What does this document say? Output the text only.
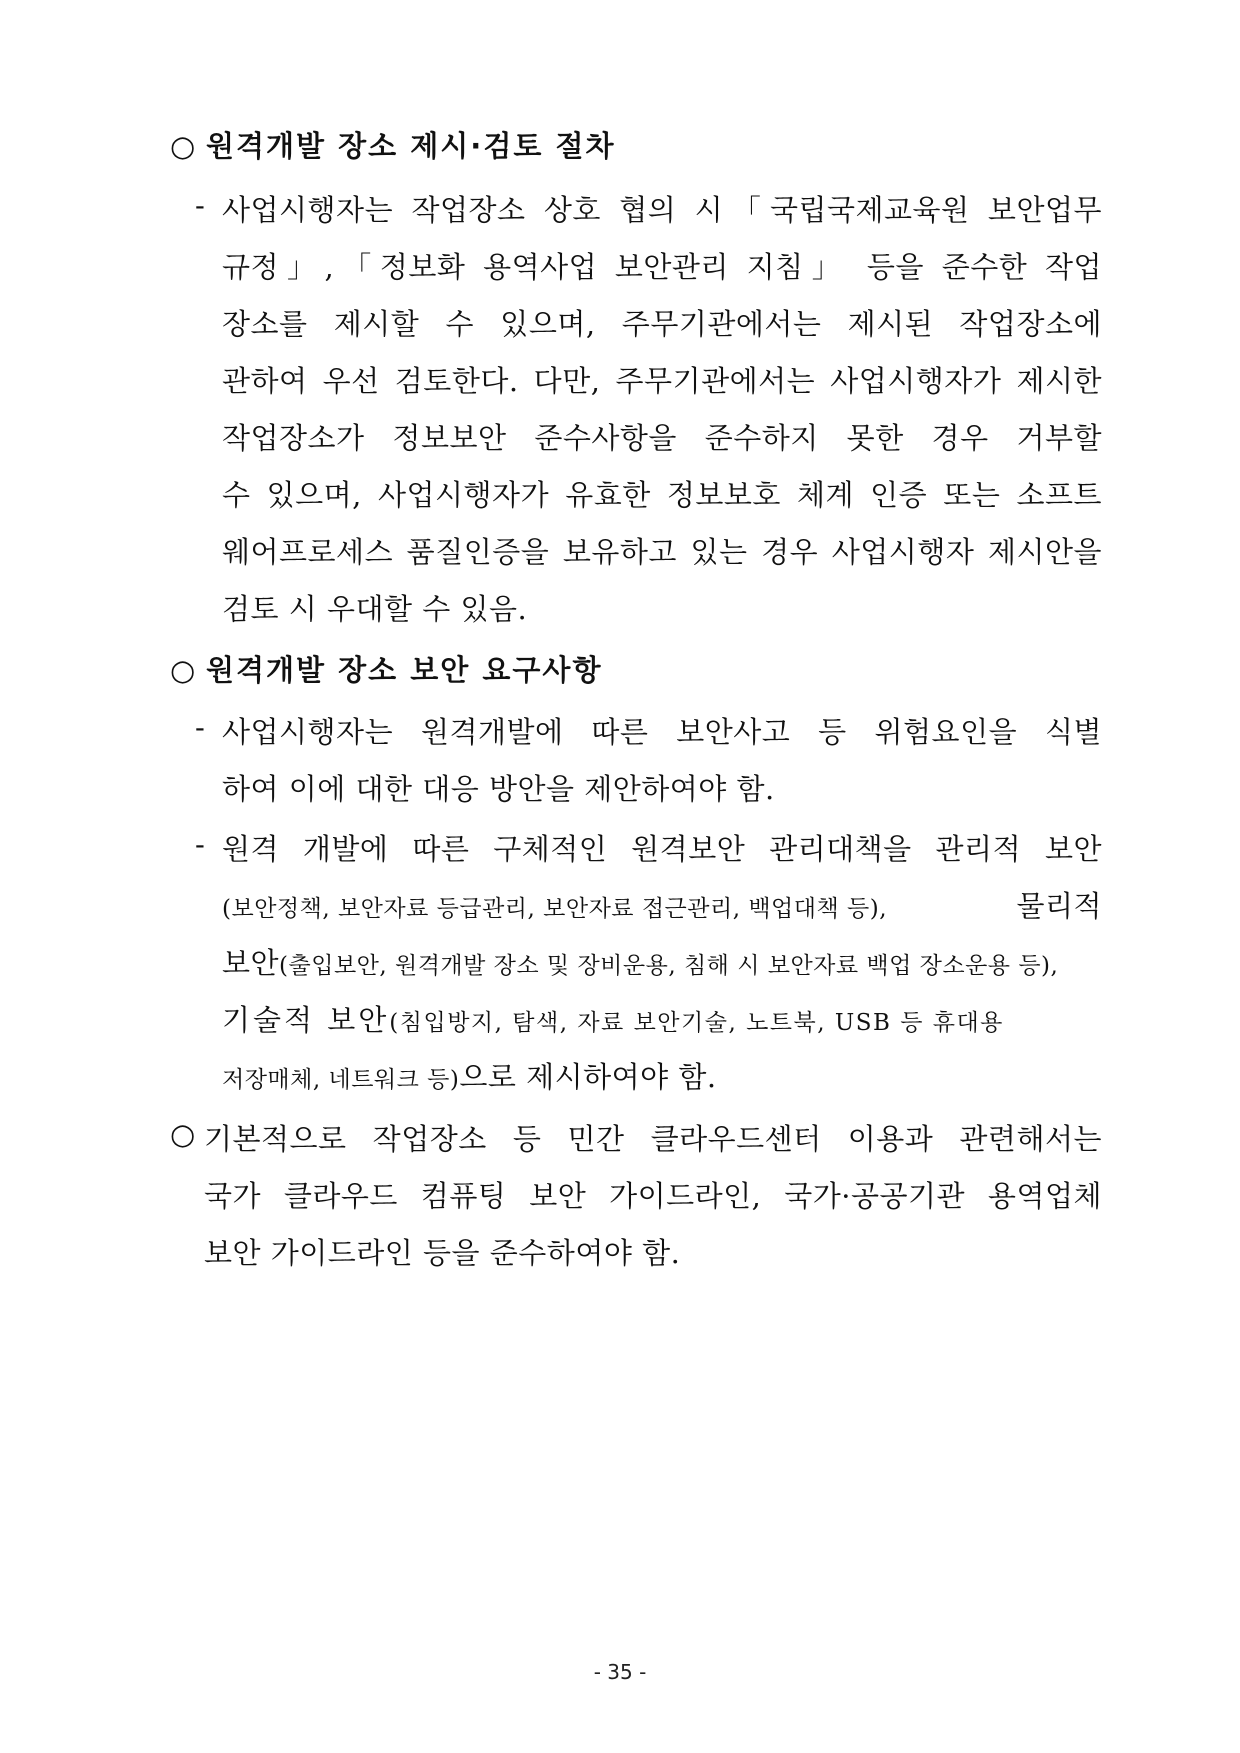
○ 원격개발 장소 제시·검토 절차
- 사업시행자는 작업장소 상호 협의 시「국립국제교육원 보안업무
규정」,「정보화 용역사업 보안관리 지침」 등을 준수한 작업
장소를 제시할 수 있으며, 주무기관에서는 제시된 작업장소에
관하여 우선 검토한다. 다만, 주무기관에서는 사업시행자가 제시한
작업장소가 정보보안 준수사항을 준수하지 못한 경우 거부할
수 있으며, 사업시행자가 유효한 정보보호 체계 인증 또는 소프트
웨어프로세스 품질인증을 보유하고 있는 경우 사업시행자 제시안을
검토 시 우대할 수 있음.
○ 원격개발 장소 보안 요구사항
- 사업시행자는 원격개발에 따른 보안사고 등 위험요인을 식별
하여 이에 대한 대응 방안을 제안하여야 함.
- 원격 개발에 따른 구체적인 원격보안 관리대책을 관리적 보안
(보안정책, 보안자료 등급관리, 보안자료 접근관리, 백업대책 등),	물리적
보안(출입보안, 원격개발 장소 및 장비운용, 침해 시 보안자료 백업 장소운용 등),
기술적 보안 (침입방지, 탐색, 자료 보안기술, 노트북, USB 등 휴대용
저장매체, 네트워크 등)으로 제시하여야 함.
○ 기본적으로 작업장소 등 민간 클라우드센터 이용과 관련해서는
국가 클라우드 컴퓨팅 보안 가이드라인, 국가·공공기관 용역업체
보안 가이드라인 등을 준수하여야 함.
- 35 -
